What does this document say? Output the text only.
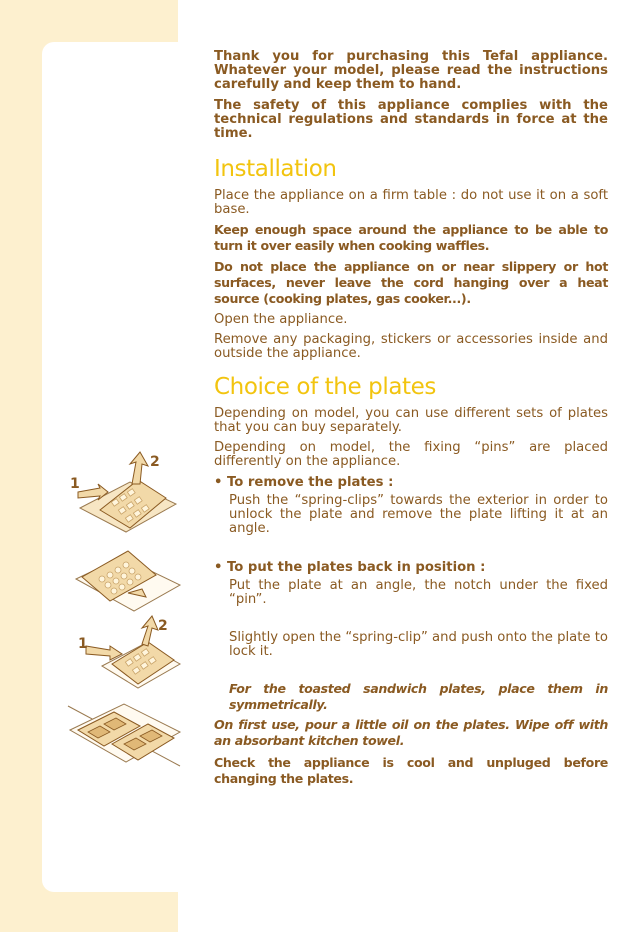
1
2
1
2

Thank you for purchasing this Tefal appliance. Whatever your model, please read the instructions carefully and keep them to hand.

The safety of this appliance complies with the technical regulations and standards in force at the time.

Installation

Place the appliance on a firm table : do not use it on a soft base.

Keep enough space around the appliance to be able to turn it over easily when cooking waffles.

Do not place the appliance on or near slippery or hot surfaces, never leave the cord hanging over a heat source (cooking plates, gas cooker...).

Open the appliance.

Remove any packaging, stickers or accessories inside and outside the appliance.

Choice of the plates

Depending on model, you can use different sets of plates that you can buy separately.

Depending on model, the fixing “pins” are placed differently on the appliance.

• To remove the plates :

Push the “spring-clips” towards the exterior in order to unlock the plate and remove the plate lifting it at an angle.

• To put the plates back in position :

Put the plate at an angle, the notch under the fixed “pin”.

Slightly open the “spring-clip” and push onto the plate to lock it.

For the toasted sandwich plates, place them in symmetrically.

On first use, pour a little oil on the plates. Wipe off with an absorbant kitchen towel.

Check the appliance is cool and unpluged before changing the plates.
